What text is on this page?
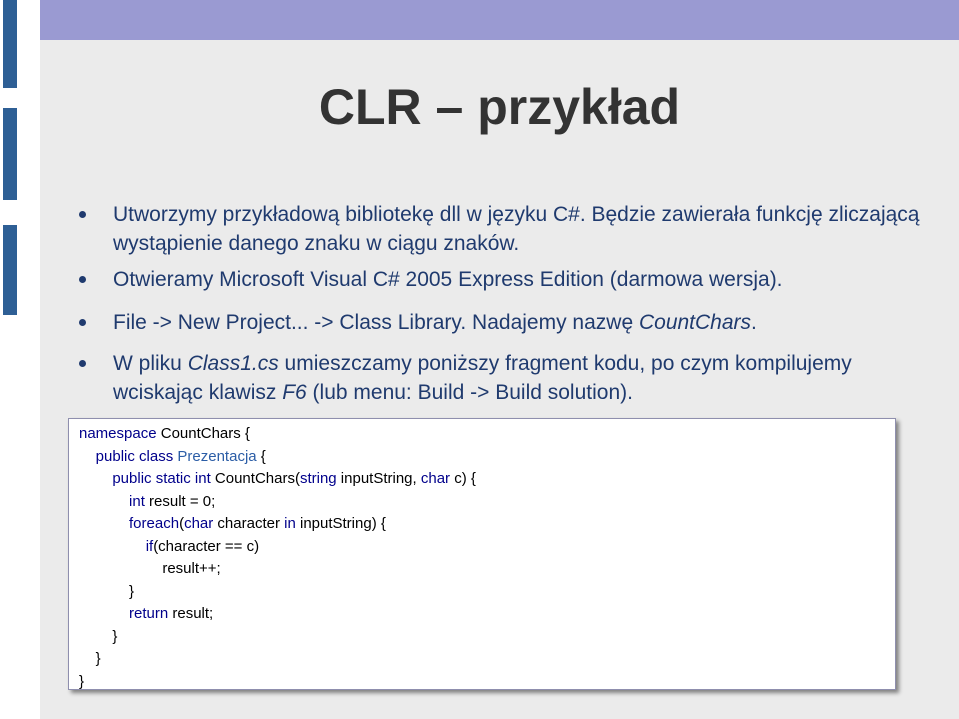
CLR – przykład
Utworzymy przykładową bibliotekę dll w języku C#. Będzie zawierała funkcję zliczającą wystąpienie danego znaku w ciągu znaków.
Otwieramy Microsoft Visual C# 2005 Express Edition (darmowa wersja).
File -> New Project... -> Class Library. Nadajemy nazwę CountChars.
W pliku Class1.cs umieszczamy poniższy fragment kodu, po czym kompilujemy wciskając klawisz F6 (lub menu: Build -> Build solution).
namespace CountChars {
public class Prezentacja {
public static int CountChars(string inputString, char c) {
int result = 0;
foreach(char character in inputString) {
if(character == c)
result++;
}
return result;
}
}
}
